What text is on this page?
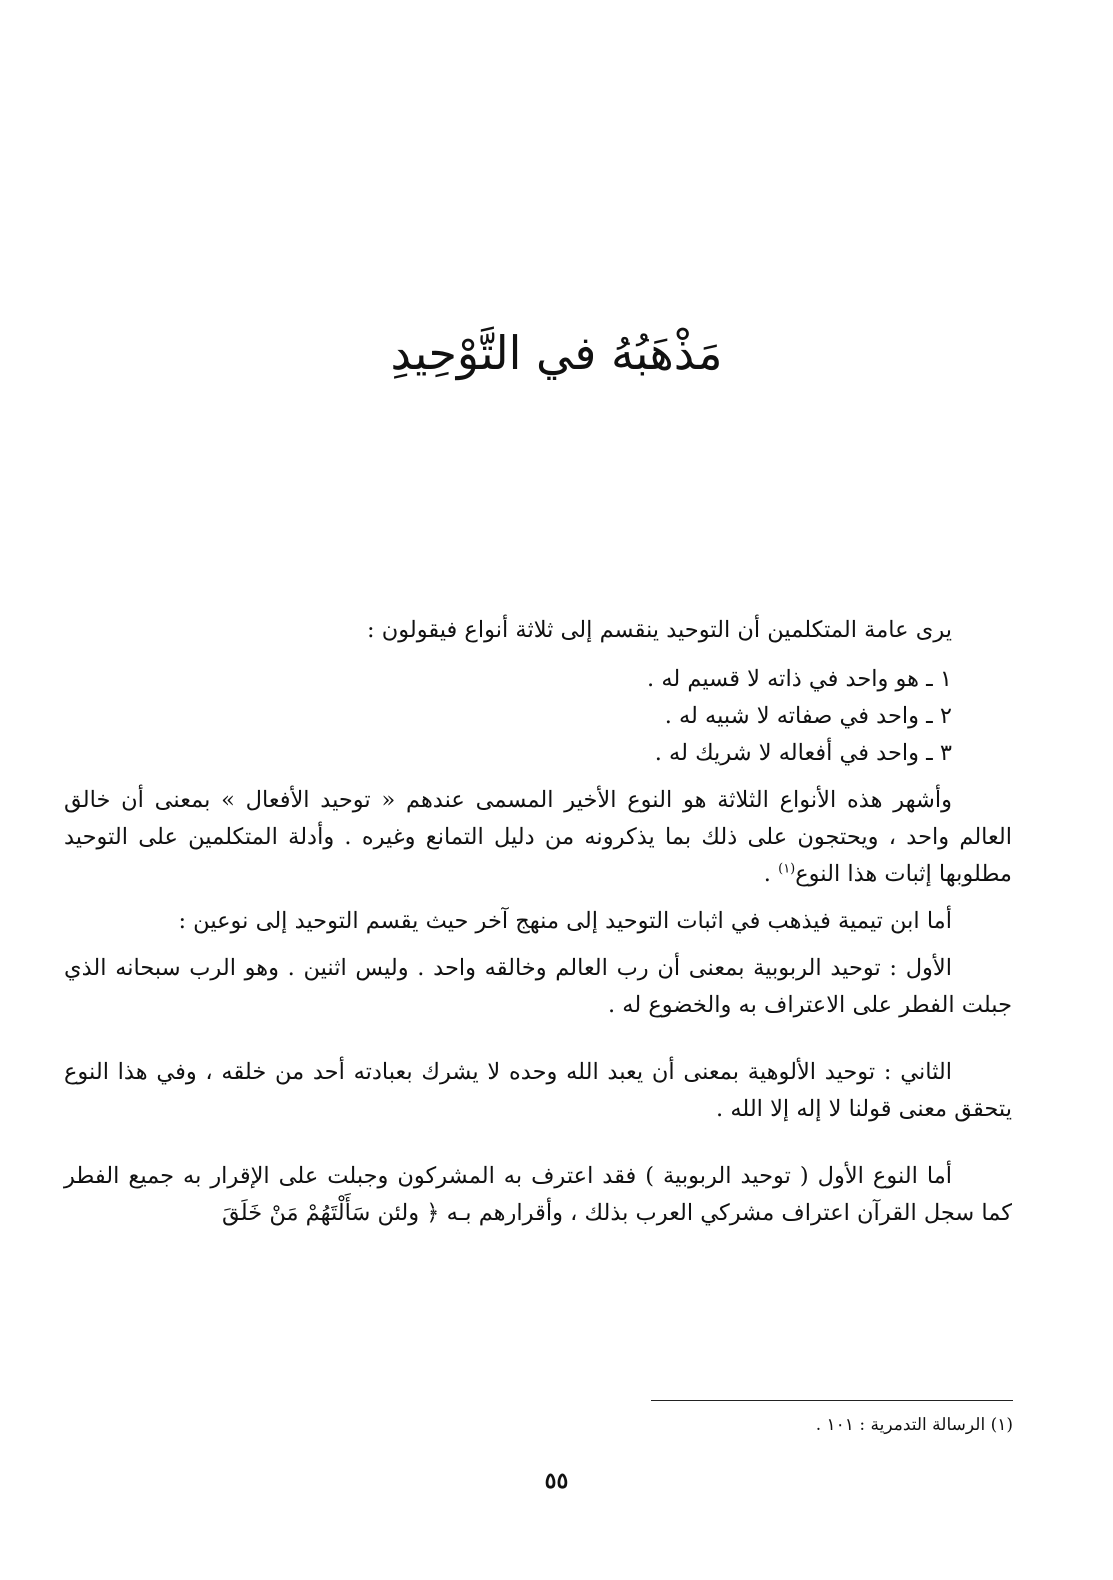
مَذْهَبُهُ في التَّوْحِيدِ

يرى عامة المتكلمين أن التوحيد ينقسم إلى ثلاثة أنواع فيقولون :

١ ـ هو واحد في ذاته لا قسيم له .

٢ ـ واحد في صفاته لا شبيه له .

٣ ـ واحد في أفعاله لا شريك له .

وأشهر هذه الأنواع الثلاثة هو النوع الأخير المسمى عندهم « توحيد الأفعال » بمعنى أن خالق العالم واحد ، ويحتجون على ذلك بما يذكرونه من دليل التمانع وغيره . وأدلة المتكلمين على التوحيد مطلوبها إثبات هذا النوع$^{(١)}$ .

أما ابن تيمية فيذهب في اثبات التوحيد إلى منهج آخر حيث يقسم التوحيد إلى نوعين :

الأول : توحيد الربوبية بمعنى أن رب العالم وخالقه واحد . وليس اثنين . وهو الرب سبحانه الذي جبلت الفطر على الاعتراف به والخضوع له .

الثاني : توحيد الألوهية بمعنى أن يعبد الله وحده لا يشرك بعبادته أحد من خلقه ، وفي هذا النوع يتحقق معنى قولنا لا إله إلا الله .

أما النوع الأول ( توحيد الربوبية ) فقد اعترف به المشركون وجبلت على الإقرار به جميع الفطر كما سجل القرآن اعتراف مشركي العرب بذلك ، وأقرارهم بـه ﴿ ولئن سَأَلْتَهُمْ مَنْ خَلَقَ

(١) الرسالة التدمرية : ١٠١ .

٥٥
